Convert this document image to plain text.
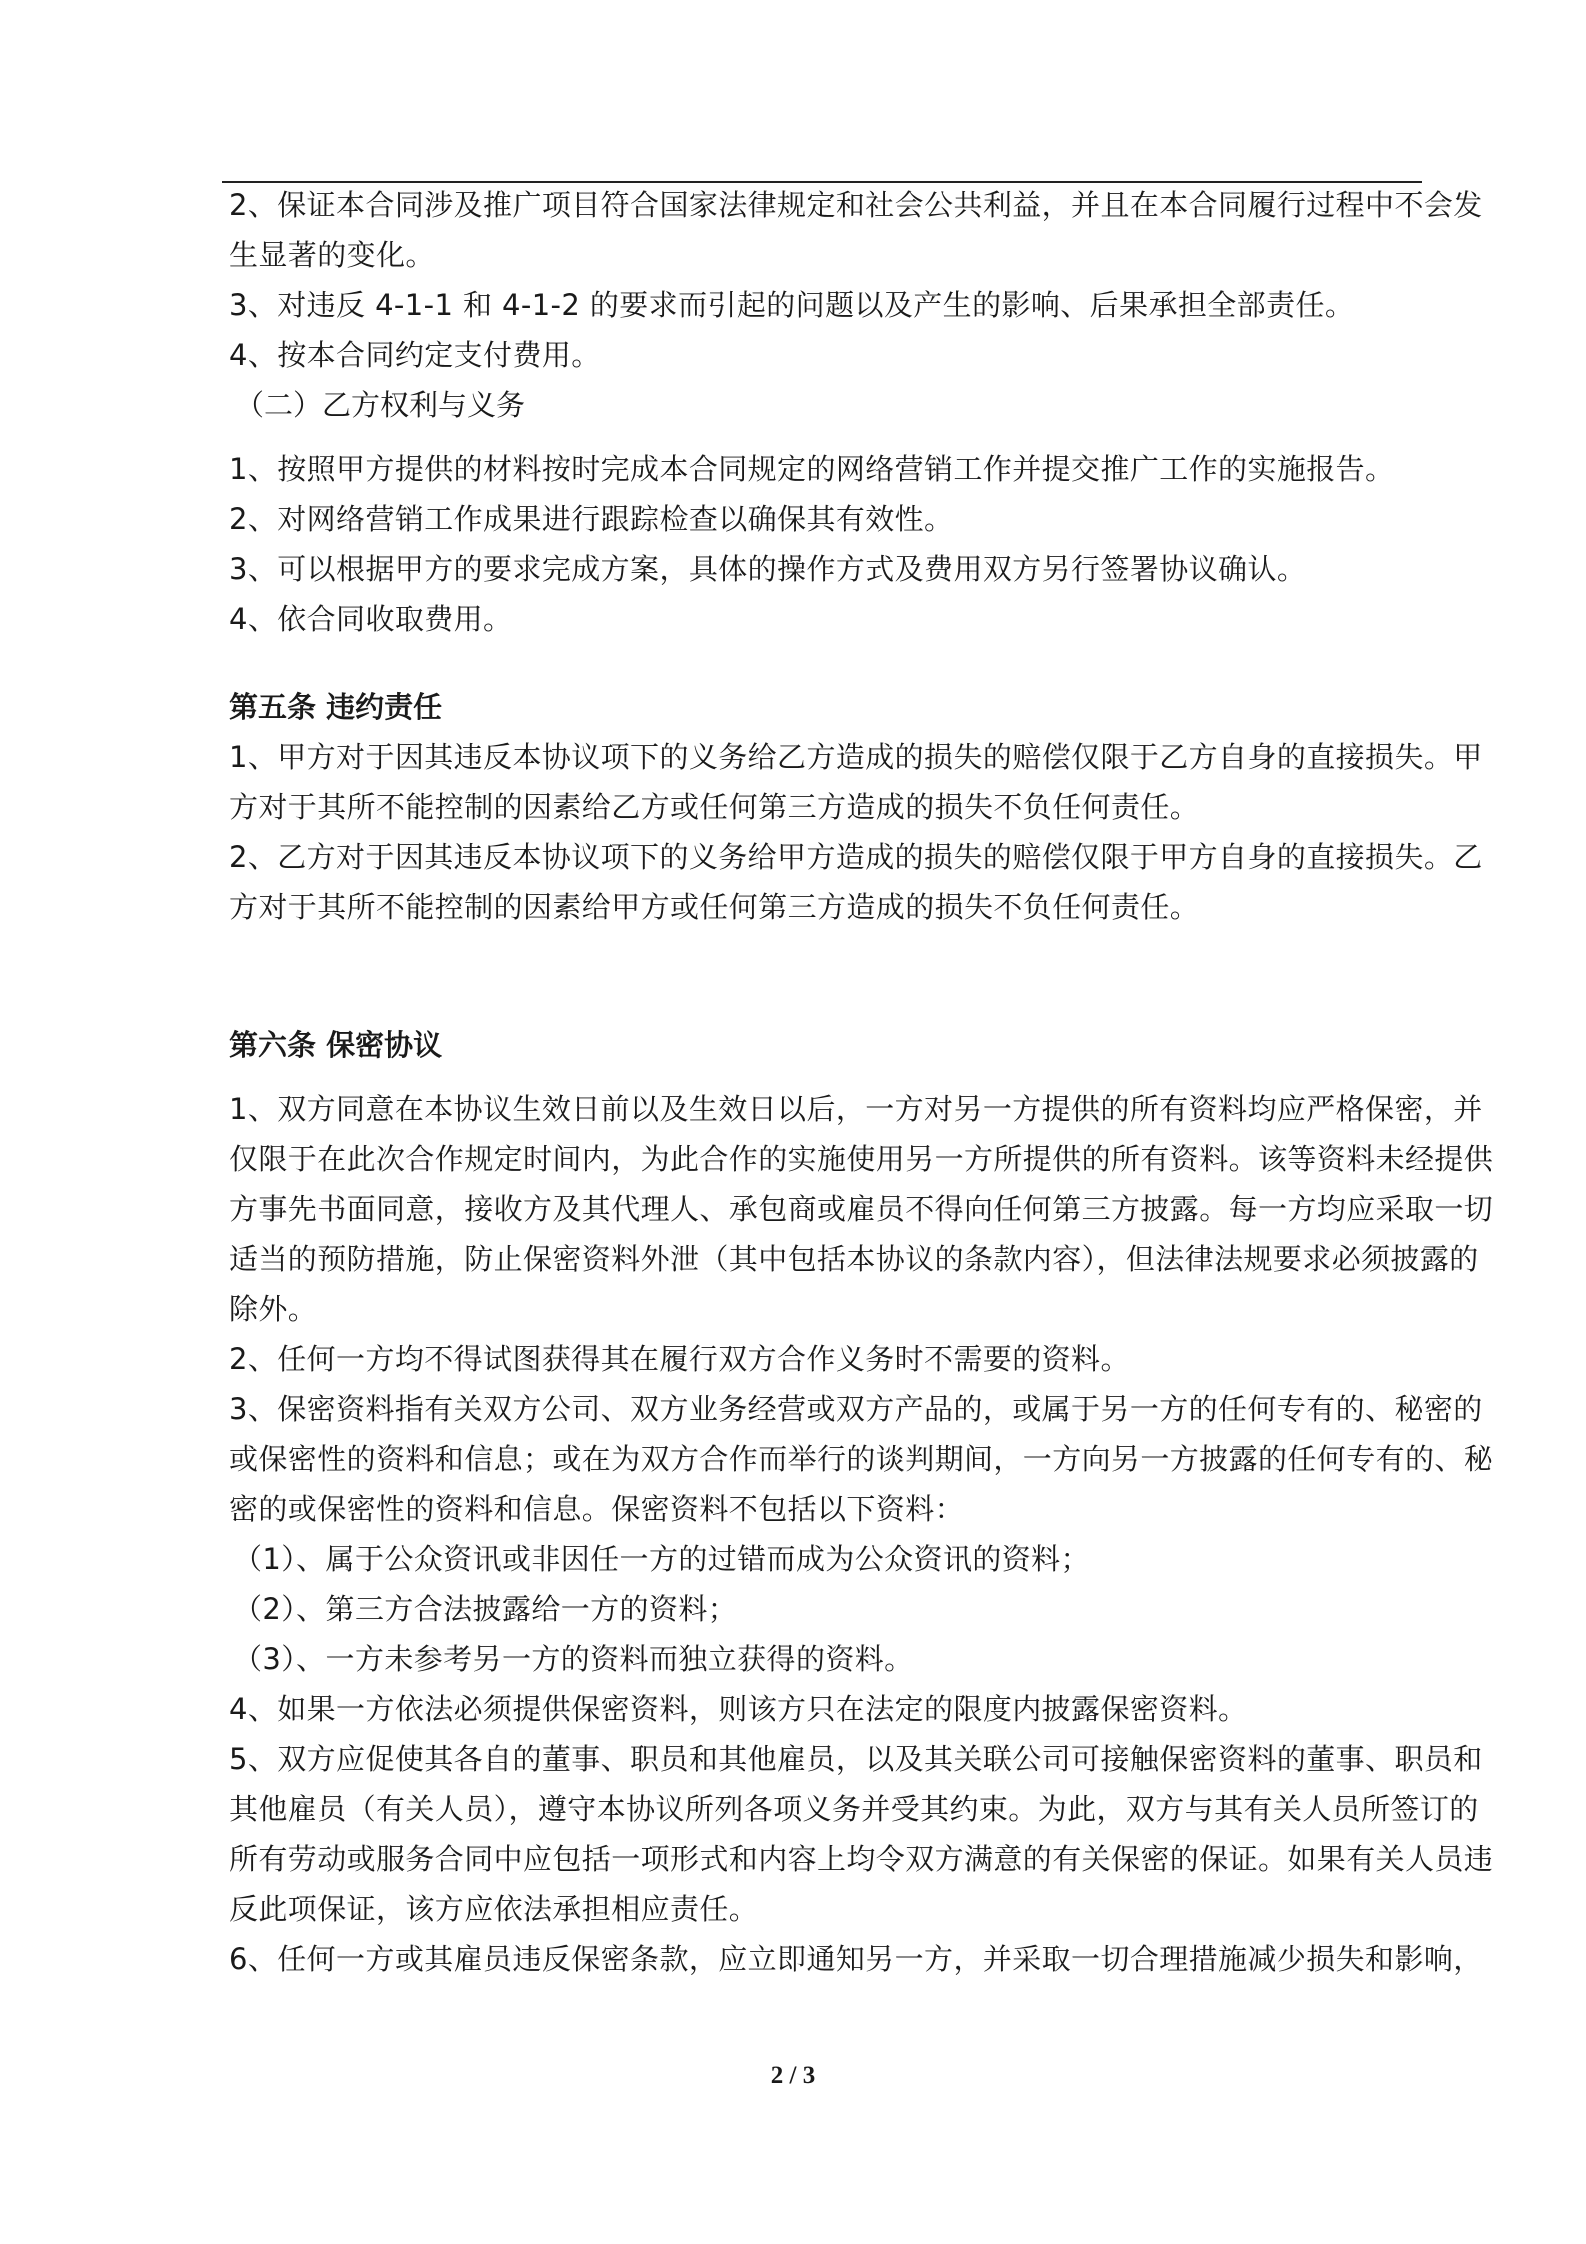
2、保证本合同涉及推广项目符合国家法律规定和社会公共利益，并且在本合同履行过程中不会发

生显著的变化。

3、对违反 4-1-1 和 4-1-2 的要求而引起的问题以及产生的影响、后果承担全部责任。

4、按本合同约定支付费用。

（二）乙方权利与义务

1、按照甲方提供的材料按时完成本合同规定的网络营销工作并提交推广工作的实施报告。

2、对网络营销工作成果进行跟踪检查以确保其有效性。

3、可以根据甲方的要求完成方案，具体的操作方式及费用双方另行签署协议确认。

4、依合同收取费用。

第五条 违约责任

1、甲方对于因其违反本协议项下的义务给乙方造成的损失的赔偿仅限于乙方自身的直接损失。甲

方对于其所不能控制的因素给乙方或任何第三方造成的损失不负任何责任。

2、乙方对于因其违反本协议项下的义务给甲方造成的损失的赔偿仅限于甲方自身的直接损失。乙

方对于其所不能控制的因素给甲方或任何第三方造成的损失不负任何责任。

第六条 保密协议

1、双方同意在本协议生效日前以及生效日以后，一方对另一方提供的所有资料均应严格保密，并

仅限于在此次合作规定时间内，为此合作的实施使用另一方所提供的所有资料。该等资料未经提供

方事先书面同意，接收方及其代理人、承包商或雇员不得向任何第三方披露。每一方均应采取一切

适当的预防措施，防止保密资料外泄（其中包括本协议的条款内容），但法律法规要求必须披露的

除外。

2、任何一方均不得试图获得其在履行双方合作义务时不需要的资料。

3、保密资料指有关双方公司、双方业务经营或双方产品的，或属于另一方的任何专有的、秘密的

或保密性的资料和信息；或在为双方合作而举行的谈判期间，一方向另一方披露的任何专有的、秘

密的或保密性的资料和信息。保密资料不包括以下资料：

（1）、属于公众资讯或非因任一方的过错而成为公众资讯的资料；

（2）、第三方合法披露给一方的资料；

（3）、一方未参考另一方的资料而独立获得的资料。

4、如果一方依法必须提供保密资料，则该方只在法定的限度内披露保密资料。

5、双方应促使其各自的董事、职员和其他雇员，以及其关联公司可接触保密资料的董事、职员和

其他雇员（有关人员），遵守本协议所列各项义务并受其约束。为此，双方与其有关人员所签订的

所有劳动或服务合同中应包括一项形式和内容上均令双方满意的有关保密的保证。如果有关人员违

反此项保证，该方应依法承担相应责任。

6、任何一方或其雇员违反保密条款，应立即通知另一方，并采取一切合理措施减少损失和影响，

2 / 3
